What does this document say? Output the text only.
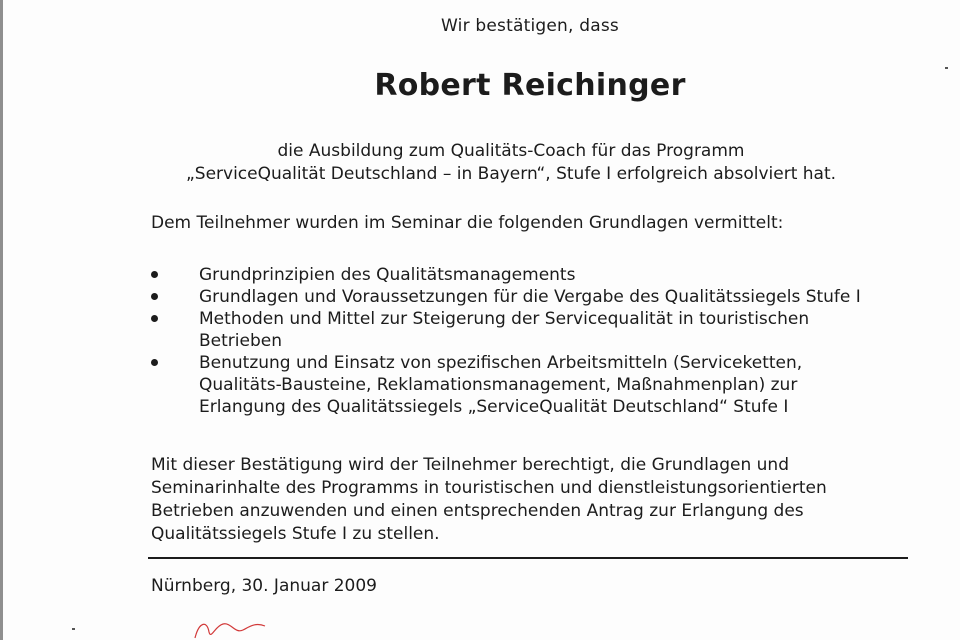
Wir bestätigen, dass
Robert Reichinger
die Ausbildung zum Qualitäts-Coach für das Programm
„ServiceQualität Deutschland – in Bayern“, Stufe I erfolgreich absolviert hat.
Dem Teilnehmer wurden im Seminar die folgenden Grundlagen vermittelt:
Grundprinzipien des Qualitätsmanagements
Grundlagen und Voraussetzungen für die Vergabe des Qualitätssiegels Stufe I
Methoden und Mittel zur Steigerung der Servicequalität in touristischen
Betrieben
Benutzung und Einsatz von spezifischen Arbeitsmitteln (Serviceketten,
Qualitäts-Bausteine, Reklamationsmanagement, Maßnahmenplan) zur
Erlangung des Qualitätssiegels „ServiceQualität Deutschland“ Stufe I
Mit dieser Bestätigung wird der Teilnehmer berechtigt, die Grundlagen und
Seminarinhalte des Programms in touristischen und dienstleistungsorientierten
Betrieben anzuwenden und einen entsprechenden Antrag zur Erlangung des
Qualitätssiegels Stufe I zu stellen.
Nürnberg, 30. Januar 2009
